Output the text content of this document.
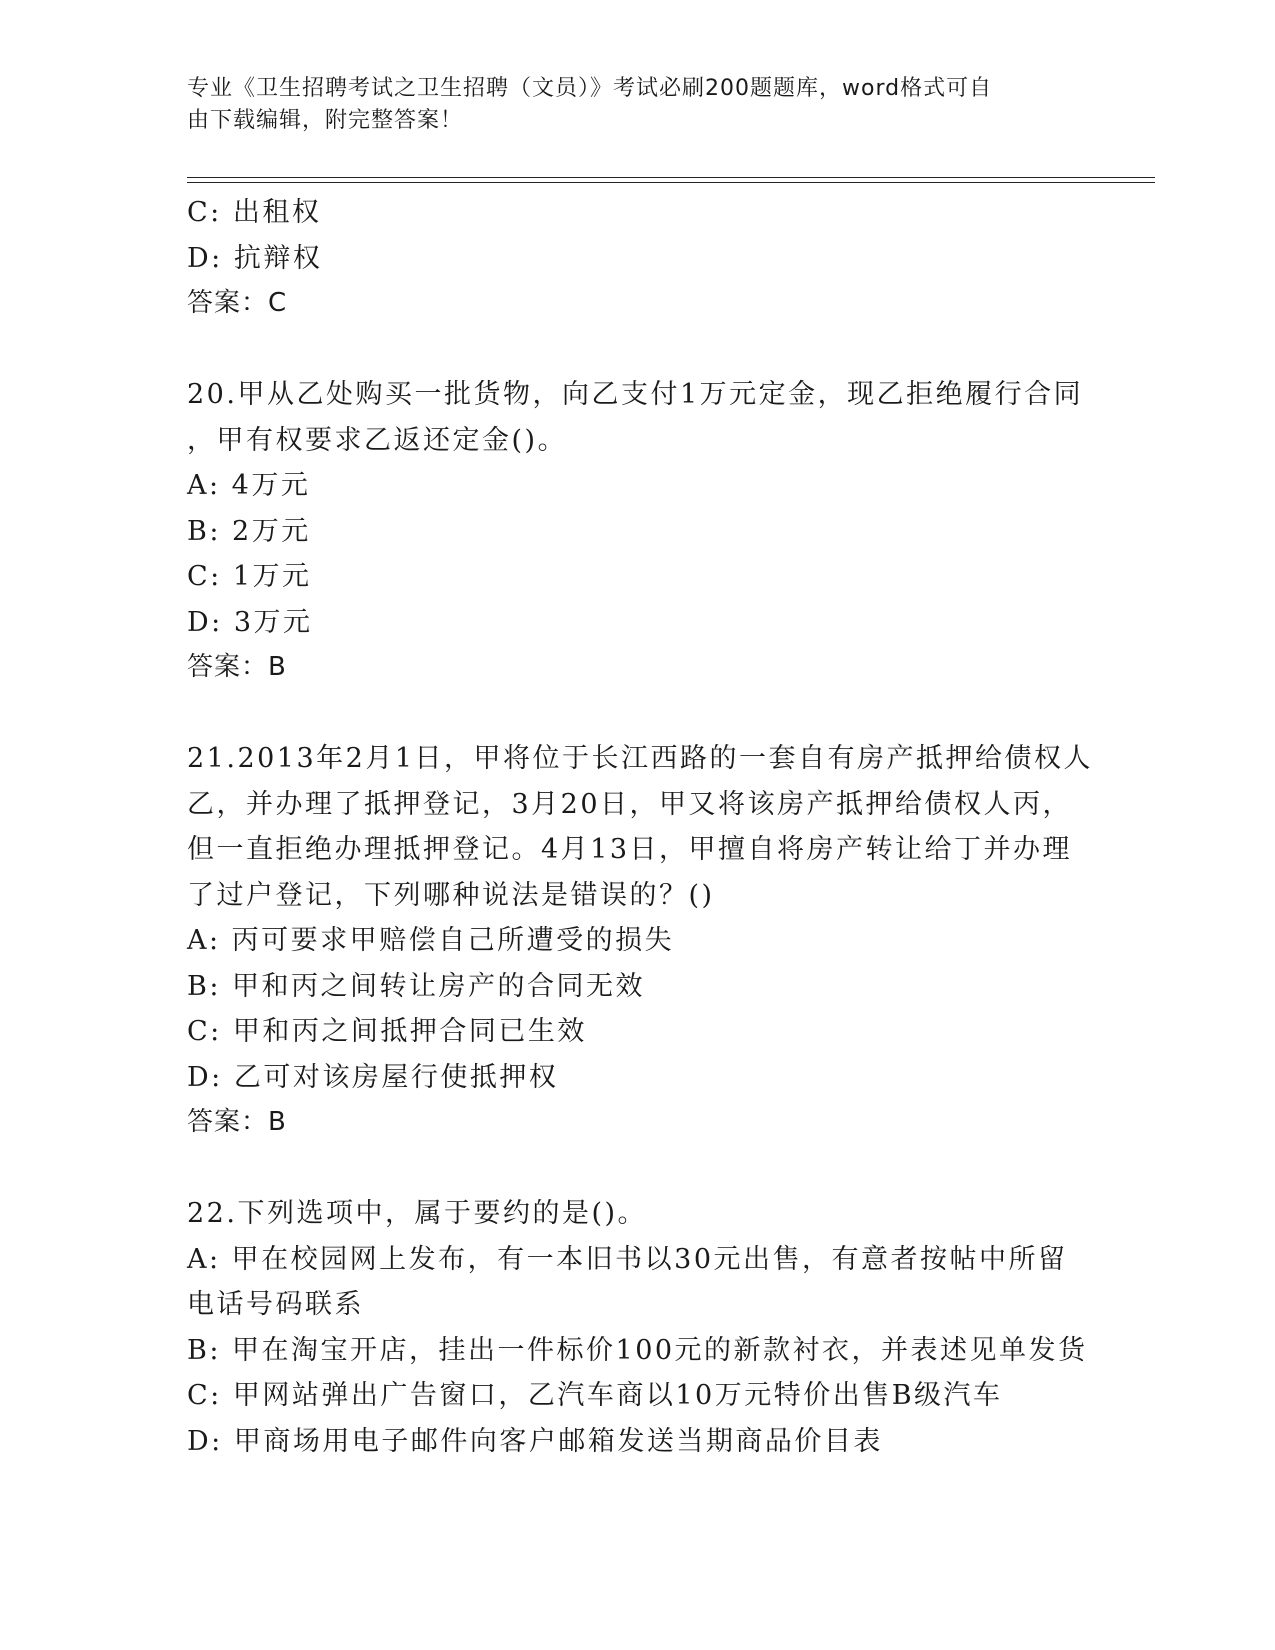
专业《卫生招聘考试之卫生招聘（文员）》考试必刷200题题库，word格式可自
由下载编辑，附完整答案！
C: 出租权
D: 抗辩权
答案：C
20.甲从乙处购买一批货物，向乙支付1万元定金，现乙拒绝履行合同
，甲有权要求乙返还定金()。
A: 4万元
B: 2万元
C: 1万元
D: 3万元
答案：B
21.2013年2月1日，甲将位于长江西路的一套自有房产抵押给债权人
乙，并办理了抵押登记，3月20日，甲又将该房产抵押给债权人丙，
但一直拒绝办理抵押登记。4月13日，甲擅自将房产转让给丁并办理
了过户登记，下列哪种说法是错误的？()
A: 丙可要求甲赔偿自己所遭受的损失
B: 甲和丙之间转让房产的合同无效
C: 甲和丙之间抵押合同已生效
D: 乙可对该房屋行使抵押权
答案：B
22.下列选项中，属于要约的是()。
A: 甲在校园网上发布，有一本旧书以30元出售，有意者按帖中所留
电话号码联系
B: 甲在淘宝开店，挂出一件标价100元的新款衬衣，并表述见单发货
C: 甲网站弹出广告窗口，乙汽车商以10万元特价出售B级汽车
D: 甲商场用电子邮件向客户邮箱发送当期商品价目表
